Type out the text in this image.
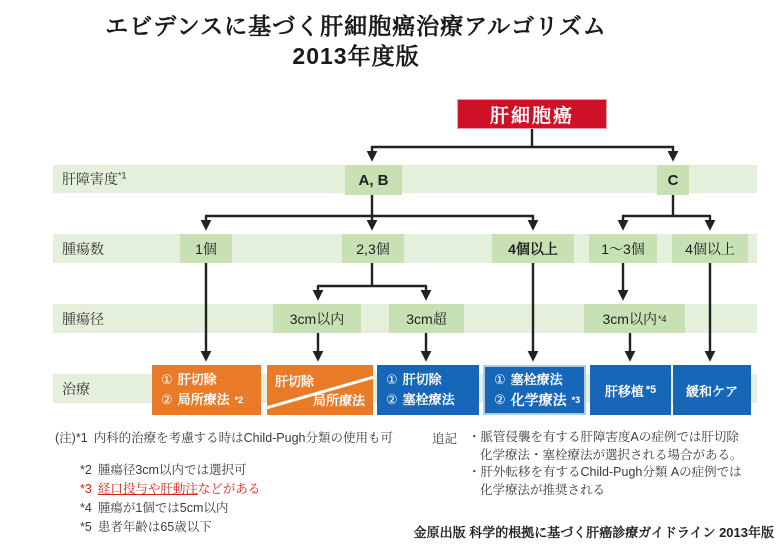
エビデンスに基づく肝細胞癌治療アルゴリズム
2013年度版
肝障害度$^{*1}$
腫瘍数
腫瘍径
治療
肝細胞癌
A, B	C
1個	2,3個	4個以上	1〜3個	4個以上
3cm以内	3cm超	3cm以内 *4
① 肝切除
② 局所療法 *2
肝切除
局所療法
① 肝切除
② 塞栓療法
① 塞栓療法
② 化学療法 *3
肝移植 *5 緩和ケア
(注)*1 内科的治療を考慮する時はChild-Pugh分類の使用も可
*2 腫瘍径3cm以内では選択可
*3 経口投与や肝動注などがある
*4 腫瘍が1個では5cm以内
*5 患者年齢は65歳以下
追記 ・脈管侵襲を有する肝障害度Aの症例では肝切除
化学療法・塞栓療法が選択される場合がある。
・肝外転移を有するChild-Pugh分類 Aの症例では
化学療法が推奨される
金原出版 科学的根拠に基づく肝癌診療ガイドライン 2013年版
